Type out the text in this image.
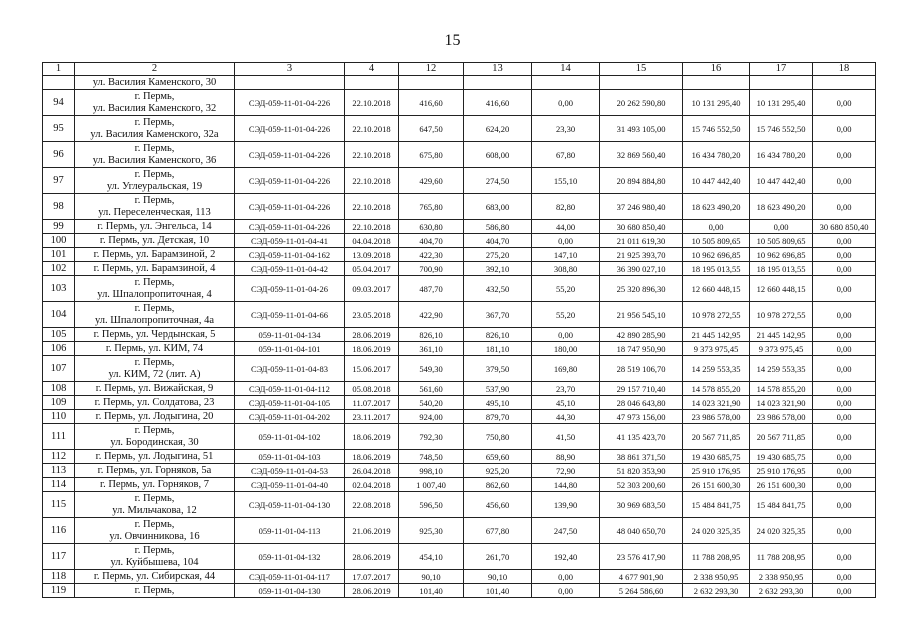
15
1	2	3	4	12	13	14	15	16	17	18

	ул. Василия Каменского, 30									

94	г. Пермь,
ул. Василия Каменского, 32	СЭД-059-11-01-04-226	22.10.2018	416,60	416,60	0,00	20 262 590,80	10 131 295,40	10 131 295,40	0,00
95	г. Пермь,
ул. Василия Каменского, 32а	СЭД-059-11-01-04-226	22.10.2018	647,50	624,20	23,30	31 493 105,00	15 746 552,50	15 746 552,50	0,00
96	г. Пермь,
ул. Василия Каменского, 36	СЭД-059-11-01-04-226	22.10.2018	675,80	608,00	67,80	32 869 560,40	16 434 780,20	16 434 780,20	0,00
97	г. Пермь,
ул. Углеуральская, 19	СЭД-059-11-01-04-226	22.10.2018	429,60	274,50	155,10	20 894 884,80	10 447 442,40	10 447 442,40	0,00
98	г. Пермь,
ул. Переселенческая, 113	СЭД-059-11-01-04-226	22.10.2018	765,80	683,00	82,80	37 246 980,40	18 623 490,20	18 623 490,20	0,00
99	г. Пермь, ул. Энгельса, 14	СЭД-059-11-01-04-226	22.10.2018	630,80	586,80	44,00	30 680 850,40	0,00	0,00	30 680 850,40
100	г. Пермь, ул. Детская, 10	СЭД-059-11-01-04-41	04.04.2018	404,70	404,70	0,00	21 011 619,30	10 505 809,65	10 505 809,65	0,00
101	г. Пермь, ул. Барамзиной, 2	СЭД-059-11-01-04-162	13.09.2018	422,30	275,20	147,10	21 925 393,70	10 962 696,85	10 962 696,85	0,00
102	г. Пермь, ул. Барамзиной, 4	СЭД-059-11-01-04-42	05.04.2017	700,90	392,10	308,80	36 390 027,10	18 195 013,55	18 195 013,55	0,00
103	г. Пермь,
ул. Шпалопропиточная, 4	СЭД-059-11-01-04-26	09.03.2017	487,70	432,50	55,20	25 320 896,30	12 660 448,15	12 660 448,15	0,00
104	г. Пермь,
ул. Шпалопропиточная, 4а	СЭД-059-11-01-04-66	23.05.2018	422,90	367,70	55,20	21 956 545,10	10 978 272,55	10 978 272,55	0,00
105	г. Пермь, ул. Чердынская, 5	059-11-01-04-134	28.06.2019	826,10	826,10	0,00	42 890 285,90	21 445 142,95	21 445 142,95	0,00
106	г. Пермь, ул. КИМ, 74	059-11-01-04-101	18.06.2019	361,10	181,10	180,00	18 747 950,90	9 373 975,45	9 373 975,45	0,00
107	г. Пермь,
ул. КИМ, 72 (лит. А)	СЭД-059-11-01-04-83	15.06.2017	549,30	379,50	169,80	28 519 106,70	14 259 553,35	14 259 553,35	0,00
108	г. Пермь, ул. Вижайская, 9	СЭД-059-11-01-04-112	05.08.2018	561,60	537,90	23,70	29 157 710,40	14 578 855,20	14 578 855,20	0,00
109	г. Пермь, ул. Солдатова, 23	СЭД-059-11-01-04-105	11.07.2017	540,20	495,10	45,10	28 046 643,80	14 023 321,90	14 023 321,90	0,00
110	г. Пермь, ул. Лодыгина, 20	СЭД-059-11-01-04-202	23.11.2017	924,00	879,70	44,30	47 973 156,00	23 986 578,00	23 986 578,00	0,00
111	г. Пермь,
ул. Бородинская, 30	059-11-01-04-102	18.06.2019	792,30	750,80	41,50	41 135 423,70	20 567 711,85	20 567 711,85	0,00
112	г. Пермь, ул. Лодыгина, 51	059-11-01-04-103	18.06.2019	748,50	659,60	88,90	38 861 371,50	19 430 685,75	19 430 685,75	0,00
113	г. Пермь, ул. Горняков, 5а	СЭД-059-11-01-04-53	26.04.2018	998,10	925,20	72,90	51 820 353,90	25 910 176,95	25 910 176,95	0,00
114	г. Пермь, ул. Горняков, 7	СЭД-059-11-01-04-40	02.04.2018	1 007,40	862,60	144,80	52 303 200,60	26 151 600,30	26 151 600,30	0,00
115	г. Пермь,
ул. Мильчакова, 12	СЭД-059-11-01-04-130	22.08.2018	596,50	456,60	139,90	30 969 683,50	15 484 841,75	15 484 841,75	0,00
116	г. Пермь,
ул. Овчинникова, 16	059-11-01-04-113	21.06.2019	925,30	677,80	247,50	48 040 650,70	24 020 325,35	24 020 325,35	0,00
117	г. Пермь,
ул. Куйбышева, 104	059-11-01-04-132	28.06.2019	454,10	261,70	192,40	23 576 417,90	11 788 208,95	11 788 208,95	0,00
118	г. Пермь, ул. Сибирская, 44	СЭД-059-11-01-04-117	17.07.2017	90,10	90,10	0,00	4 677 901,90	2 338 950,95	2 338 950,95	0,00
119	г. Пермь,	059-11-01-04-130	28.06.2019	101,40	101,40	0,00	5 264 586,60	2 632 293,30	2 632 293,30	0,00
